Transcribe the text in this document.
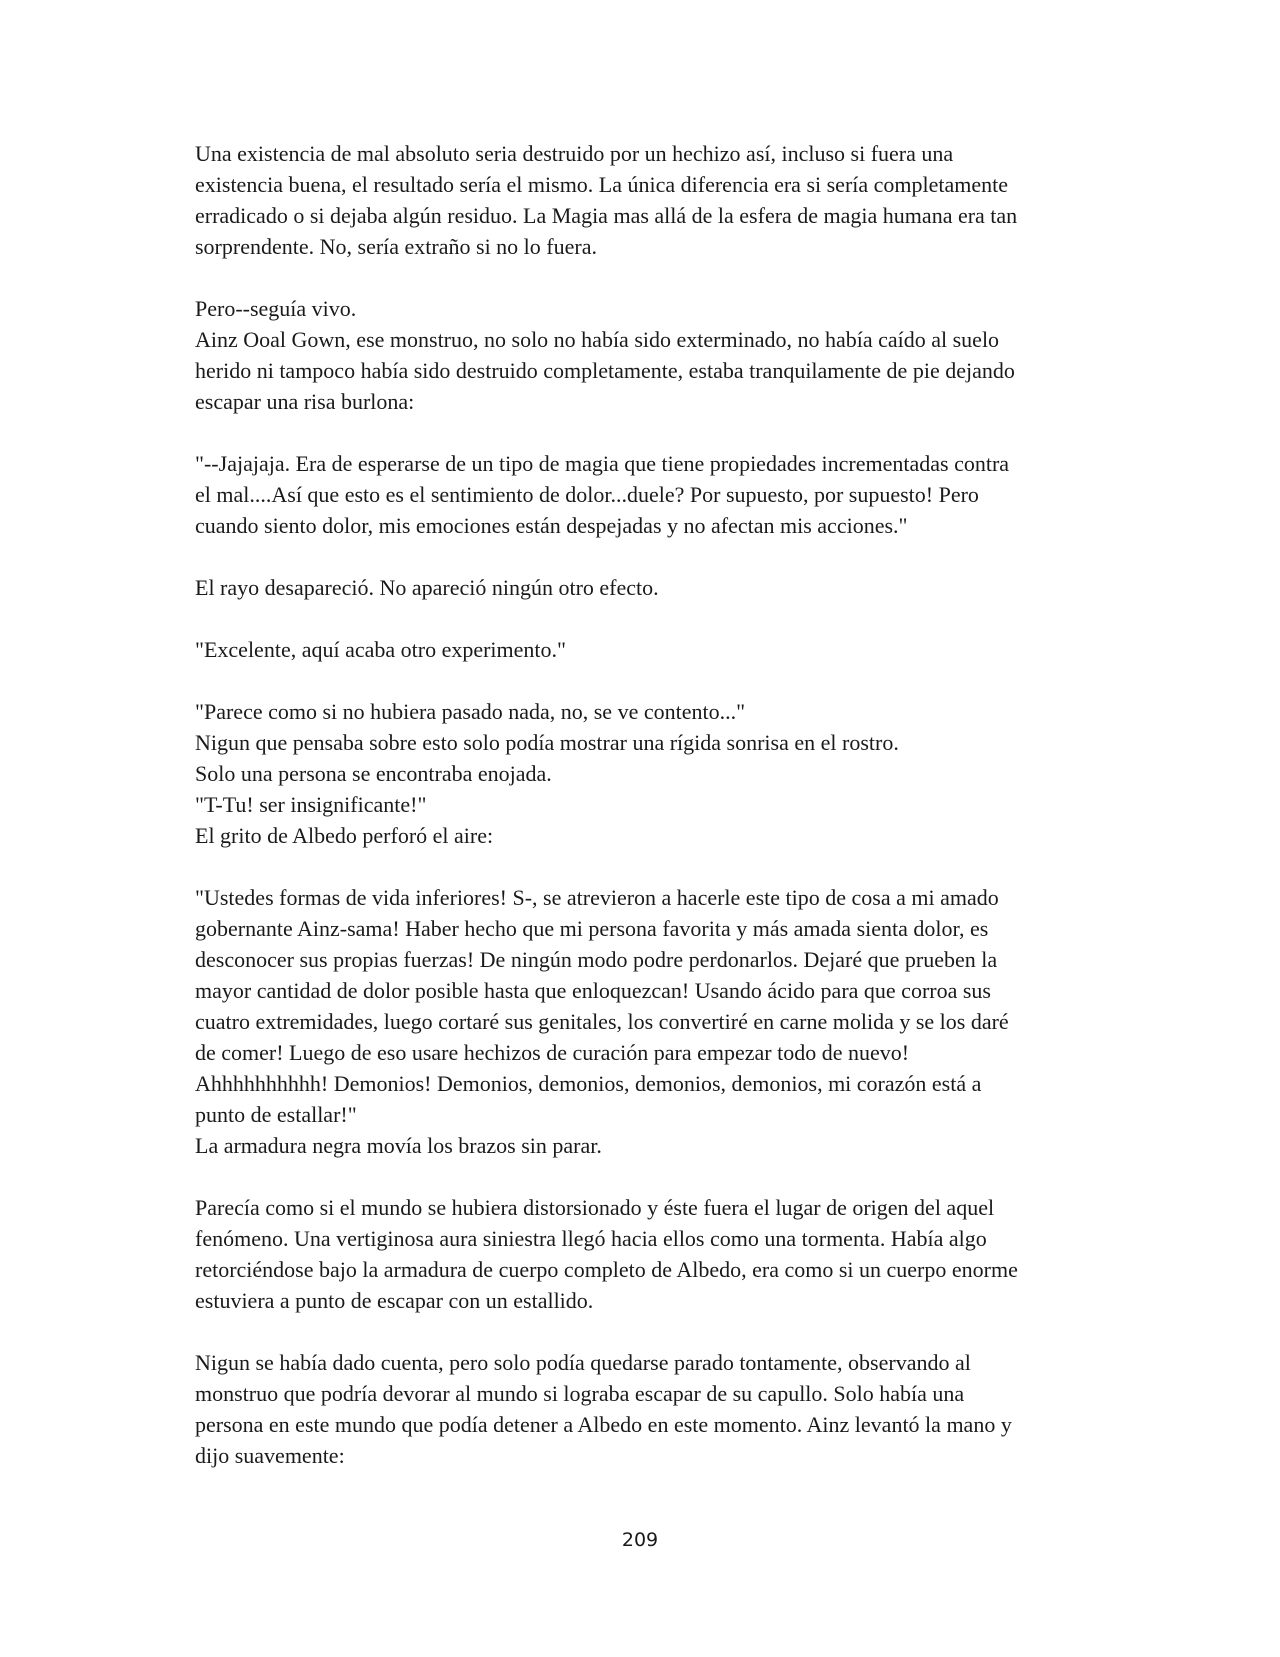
Una existencia de mal absoluto seria destruido por un hechizo así, incluso si fuera una
existencia buena, el resultado sería el mismo. La única diferencia era si sería completamente
erradicado o si dejaba algún residuo. La Magia mas allá de la esfera de magia humana era tan
sorprendente. No, sería extraño si no lo fuera.

Pero--seguía vivo.
Ainz Ooal Gown, ese monstruo, no solo no había sido exterminado, no había caído al suelo
herido ni tampoco había sido destruido completamente, estaba tranquilamente de pie dejando
escapar una risa burlona:

"--Jajajaja. Era de esperarse de un tipo de magia que tiene propiedades incrementadas contra
el mal....Así que esto es el sentimiento de dolor...duele? Por supuesto, por supuesto! Pero
cuando siento dolor, mis emociones están despejadas y no afectan mis acciones."

El rayo desapareció. No apareció ningún otro efecto.

"Excelente, aquí acaba otro experimento."

"Parece como si no hubiera pasado nada, no, se ve contento..."
Nigun que pensaba sobre esto solo podía mostrar una rígida sonrisa en el rostro.
Solo una persona se encontraba enojada.
"T-Tu! ser insignificante!"
El grito de Albedo perforó el aire:

"Ustedes formas de vida inferiores! S-, se atrevieron a hacerle este tipo de cosa a mi amado
gobernante Ainz-sama! Haber hecho que mi persona favorita y más amada sienta dolor, es
desconocer sus propias fuerzas! De ningún modo podre perdonarlos. Dejaré que prueben la
mayor cantidad de dolor posible hasta que enloquezcan! Usando ácido para que corroa sus
cuatro extremidades, luego cortaré sus genitales, los convertiré en carne molida y se los daré
de comer! Luego de eso usare hechizos de curación para empezar todo de nuevo!
Ahhhhhhhhhh! Demonios! Demonios, demonios, demonios, demonios, mi corazón está a
punto de estallar!"
La armadura negra movía los brazos sin parar.

Parecía como si el mundo se hubiera distorsionado y éste fuera el lugar de origen del aquel
fenómeno. Una vertiginosa aura siniestra llegó hacia ellos como una tormenta. Había algo
retorciéndose bajo la armadura de cuerpo completo de Albedo, era como si un cuerpo enorme
estuviera a punto de escapar con un estallido.

Nigun se había dado cuenta, pero solo podía quedarse parado tontamente, observando al
monstruo que podría devorar al mundo si lograba escapar de su capullo. Solo había una
persona en este mundo que podía detener a Albedo en este momento. Ainz levantó la mano y
dijo suavemente:

209
